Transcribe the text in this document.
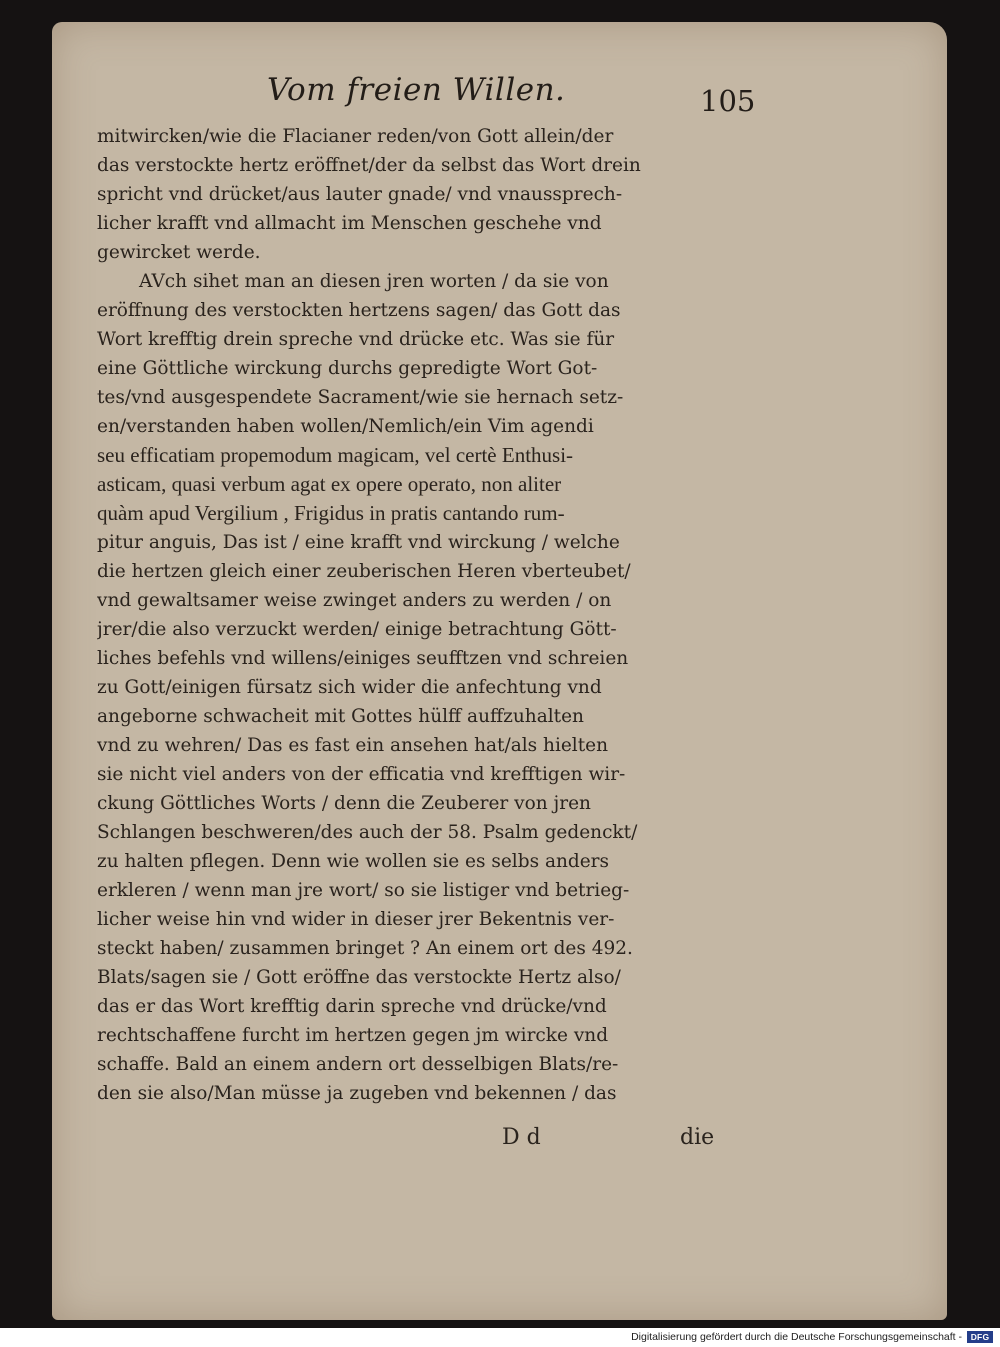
Vom freien Willen.	105
mitwircken/wie die Flacianer reden/von Gott allein/der
das verstockte hertz eröffnet/der da selbst das Wort drein
spricht vnd drücket/aus lauter gnade/ vnd vnaussprech-
licher krafft vnd allmacht im Menschen geschehe vnd
gewircket werde.
AVch sihet man an diesen jren worten / da sie von
eröffnung des verstockten hertzens sagen/ das Gott das
Wort krefftig drein spreche vnd drücke etc. Was sie für
eine Göttliche wirckung durchs gepredigte Wort Got-
tes/vnd ausgespendete Sacrament/wie sie hernach setz-
en/verstanden haben wollen/Nemlich/ein Vim agendi
seu efficatiam propemodum magicam, vel certè Enthusi-
asticam, quasi verbum agat ex opere operato, non aliter
quàm apud Vergilium , Frigidus in pratis cantando rum-
pitur anguis, Das ist / eine krafft vnd wirckung / welche
die hertzen gleich einer zeuberischen Heren vberteubet/
vnd gewaltsamer weise zwinget anders zu werden / on
jrer/die also verzuckt werden/ einige betrachtung Gött-
liches befehls vnd willens/einiges seufftzen vnd schreien
zu Gott/einigen fürsatz sich wider die anfechtung vnd
angeborne schwacheit mit Gottes hülff auffzuhalten
vnd zu wehren/ Das es fast ein ansehen hat/als hielten
sie nicht viel anders von der efficatia vnd krefftigen wir-
ckung Göttliches Worts / denn die Zeuberer von jren
Schlangen beschweren/des auch der 58. Psalm gedenckt/
zu halten pflegen. Denn wie wollen sie es selbs anders
erkleren / wenn man jre wort/ so sie listiger vnd betrieg-
licher weise hin vnd wider in dieser jrer Bekentnis ver-
steckt haben/ zusammen bringet ? An einem ort des 492.
Blats/sagen sie / Gott eröffne das verstockte Hertz also/
das er das Wort krefftig darin spreche vnd drücke/vnd
rechtschaffene furcht im hertzen gegen jm wircke vnd
schaffe. Bald an einem andern ort desselbigen Blats/re-
den sie also/Man müsse ja zugeben vnd bekennen / das
D d	die
Digitalisierung gefördert durch die Deutsche Forschungsgemeinschaft -	DFG
